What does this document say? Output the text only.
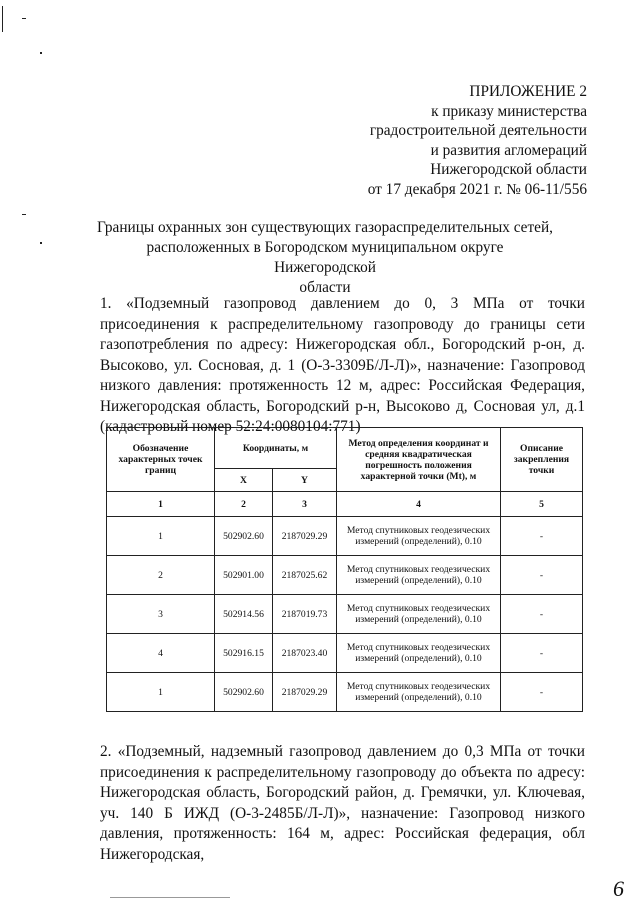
ПРИЛОЖЕНИЕ 2
к приказу министерства
градостроительной деятельности
и развития агломераций
Нижегородской области
от 17 декабря 2021 г. № 06-11/556
Границы охранных зон существующих газораспределительных сетей,
расположенных в Богородском муниципальном округе Нижегородской
области

1. «Подземный газопровод давлением до 0, 3 МПа от точки присоединения к распределительному газопроводу до границы сети газопотребления по адресу: Нижегородская обл., Богородский р-он, д. Высоково, ул. Сосновая, д. 1 (О-3-3309Б/Л-Л)», назначение: Газопровод низкого давления: протяженность 12 м, адрес: Российская Федерация, Нижегородская область, Богородский р-н, Высоково д, Сосновая ул, д.1 (кадастровый номер 52:24:0080104:771)

Обозначение характерных точек границ	Координаты, м		Метод определения координат и средняя квадратическая погрешность положения характерной точки (Mt), м	Описание закрепления точки
	X	Y		
1	2	3	4	5
1	502902.60	2187029.29	Метод спутниковых геодезических измерений (определений), 0.10	-
2	502901.00	2187025.62	Метод спутниковых геодезических измерений (определений), 0.10	-
3	502914.56	2187019.73	Метод спутниковых геодезических измерений (определений), 0.10	-
4	502916.15	2187023.40	Метод спутниковых геодезических измерений (определений), 0.10	-
1	502902.60	2187029.29	Метод спутниковых геодезических измерений (определений), 0.10	-

2. «Подземный, надземный газопровод давлением до 0,3 МПа от точки присоединения к распределительному газопроводу до объекта по адресу: Нижегородская область, Богородский район, д. Гремячки, ул. Ключевая, уч. 140 Б ИЖД (О-3-2485Б/Л-Л)», назначение: Газопровод низкого давления, протяженность: 164 м, адрес: Российская федерация, обл Нижегородская,

6
